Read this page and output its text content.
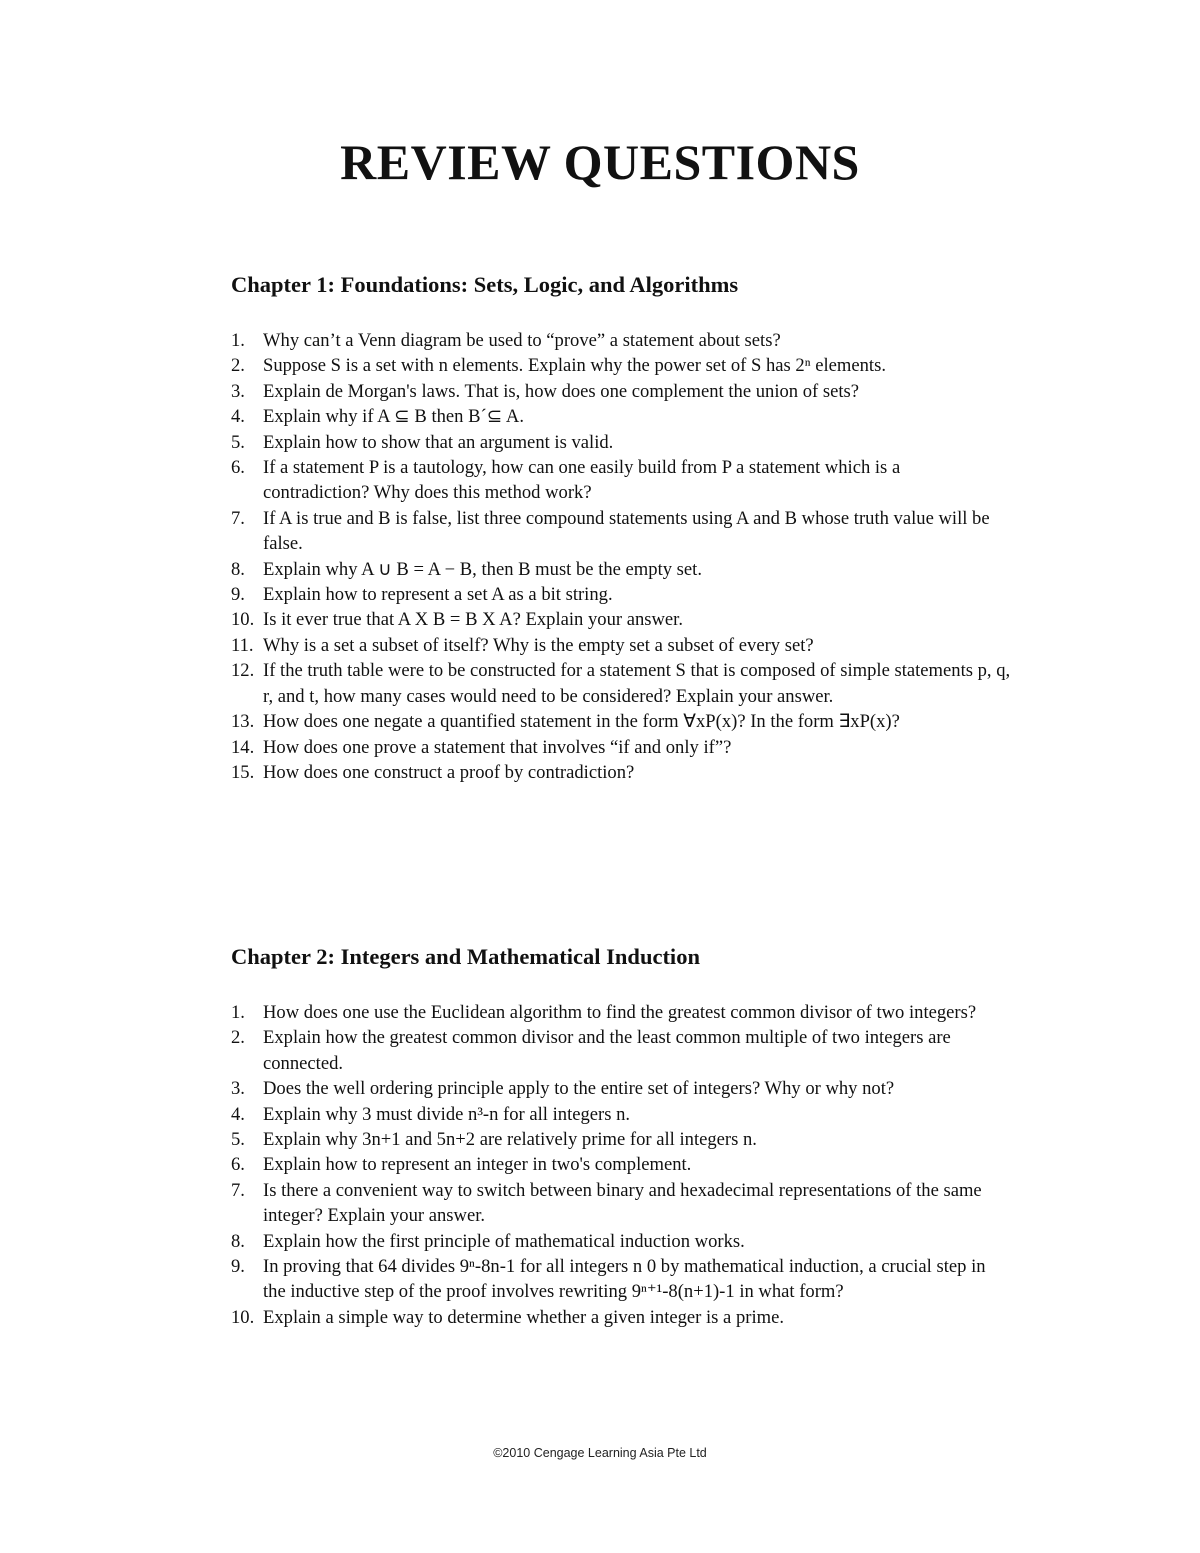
REVIEW QUESTIONS
Chapter 1: Foundations: Sets, Logic, and Algorithms
1. Why can’t a Venn diagram be used to “prove” a statement about sets?
2. Suppose S is a set with n elements. Explain why the power set of S has 2ⁿ elements.
3. Explain de Morgan's laws. That is, how does one complement the union of sets?
4. Explain why if A ⊆ B then B´⊆ A.
5. Explain how to show that an argument is valid.
6. If a statement P is a tautology, how can one easily build from P a statement which is a contradiction? Why does this method work?
7. If A is true and B is false, list three compound statements using A and B whose truth value will be false.
8. Explain why A ∪ B = A − B, then B must be the empty set.
9. Explain how to represent a set A as a bit string.
10. Is it ever true that A X B = B X A? Explain your answer.
11. Why is a set a subset of itself? Why is the empty set a subset of every set?
12. If the truth table were to be constructed for a statement S that is composed of simple statements p, q, r, and t, how many cases would need to be considered? Explain your answer.
13. How does one negate a quantified statement in the form ∀xP(x)? In the form ∃xP(x)?
14. How does one prove a statement that involves “if and only if”?
15. How does one construct a proof by contradiction?
Chapter 2: Integers and Mathematical Induction
1. How does one use the Euclidean algorithm to find the greatest common divisor of two integers?
2. Explain how the greatest common divisor and the least common multiple of two integers are connected.
3. Does the well ordering principle apply to the entire set of integers? Why or why not?
4. Explain why 3 must divide n³-n for all integers n.
5. Explain why 3n+1 and 5n+2 are relatively prime for all integers n.
6. Explain how to represent an integer in two's complement.
7. Is there a convenient way to switch between binary and hexadecimal representations of the same integer? Explain your answer.
8. Explain how the first principle of mathematical induction works.
9. In proving that 64 divides 9ⁿ-8n-1 for all integers n 0 by mathematical induction, a crucial step in the inductive step of the proof involves rewriting 9ⁿ⁺¹-8(n+1)-1 in what form?
10. Explain a simple way to determine whether a given integer is a prime.
©2010 Cengage Learning Asia Pte Ltd
